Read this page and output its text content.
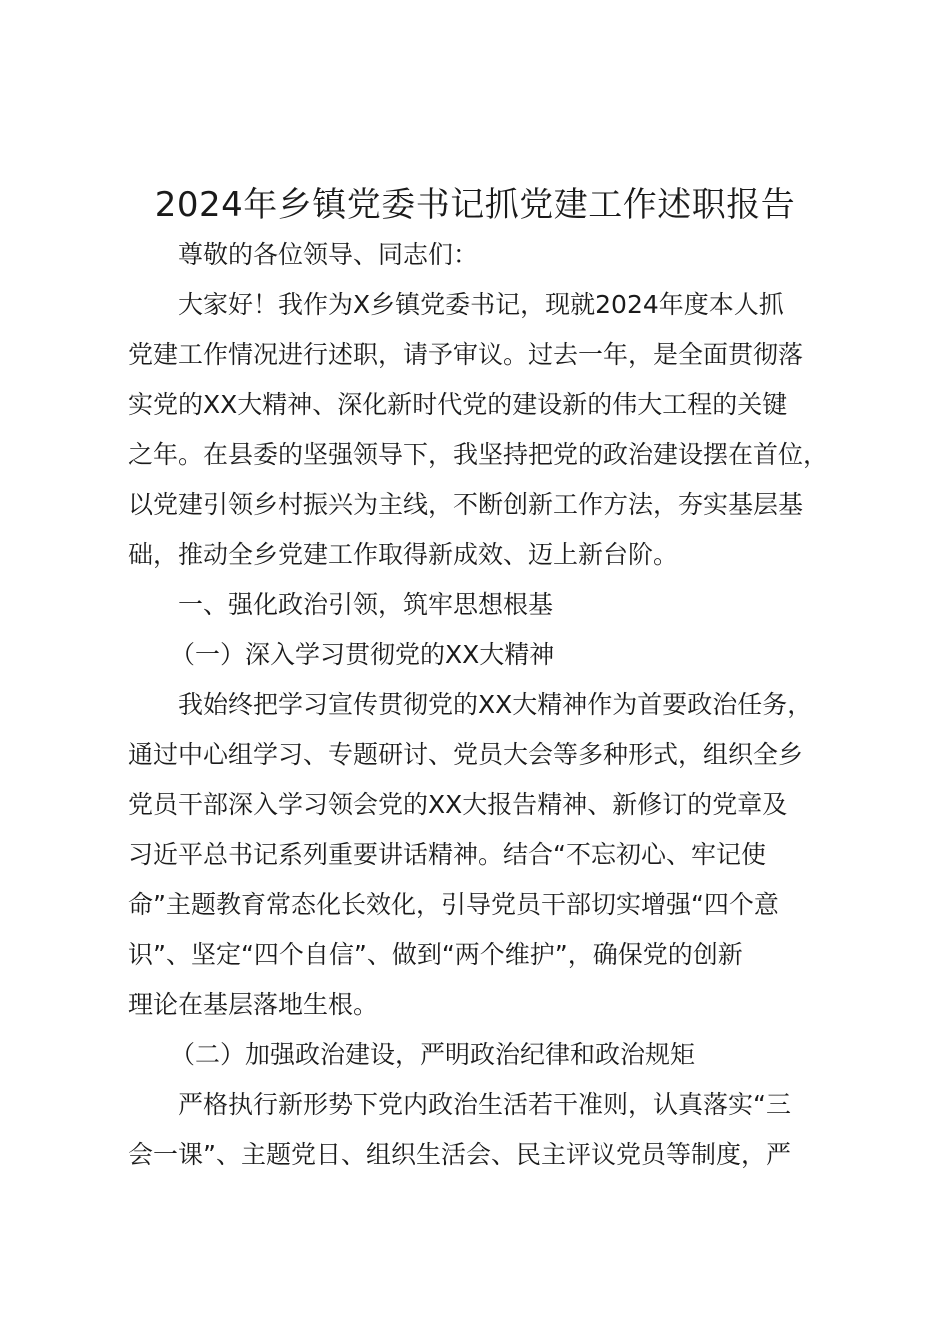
2024年乡镇党委书记抓党建工作述职报告
尊敬的各位领导、同志们：
大家好！我作为X乡镇党委书记，现就2024年度本人抓
党建工作情况进行述职，请予审议。过去一年，是全面贯彻落
实党的XX大精神、深化新时代党的建设新的伟大工程的关键
之年。在县委的坚强领导下，我坚持把党的政治建设摆在首位，
以党建引领乡村振兴为主线，不断创新工作方法，夯实基层基
础，推动全乡党建工作取得新成效、迈上新台阶。
一、强化政治引领，筑牢思想根基
（一）深入学习贯彻党的XX大精神
我始终把学习宣传贯彻党的XX大精神作为首要政治任务，
通过中心组学习、专题研讨、党员大会等多种形式，组织全乡
党员干部深入学习领会党的XX大报告精神、新修订的党章及
习近平总书记系列重要讲话精神。结合“不忘初心、牢记使
命”主题教育常态化长效化，引导党员干部切实增强“四个意
识”、坚定“四个自信”、做到“两个维护”，确保党的创新
理论在基层落地生根。
（二）加强政治建设，严明政治纪律和政治规矩
严格执行新形势下党内政治生活若干准则，认真落实“三
会一课”、主题党日、组织生活会、民主评议党员等制度，严
